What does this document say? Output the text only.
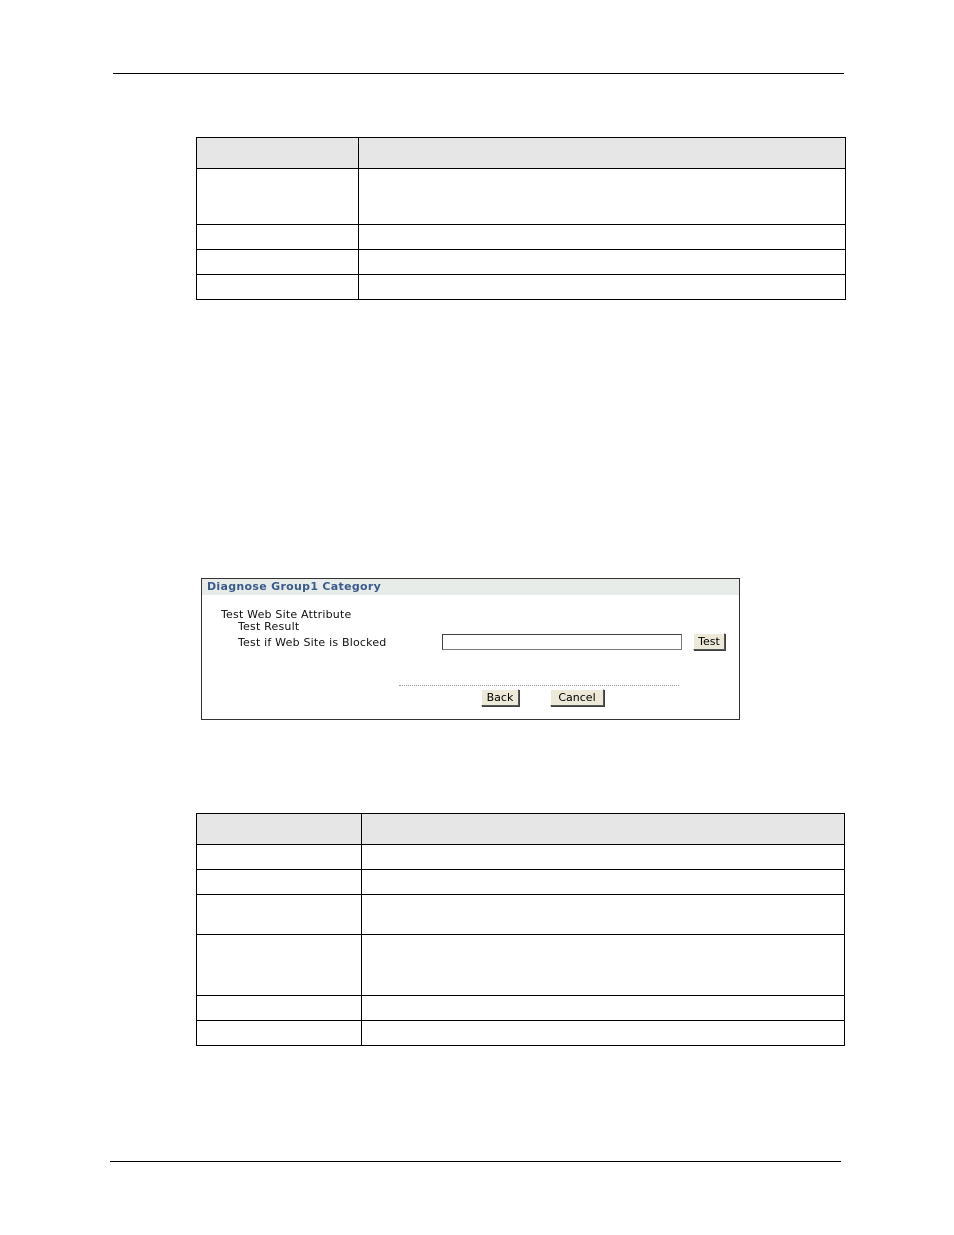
Diagnose Group1 Category
Test Web Site Attribute
Test Result
Test if Web Site is Blocked	Test
Back	Cancel
